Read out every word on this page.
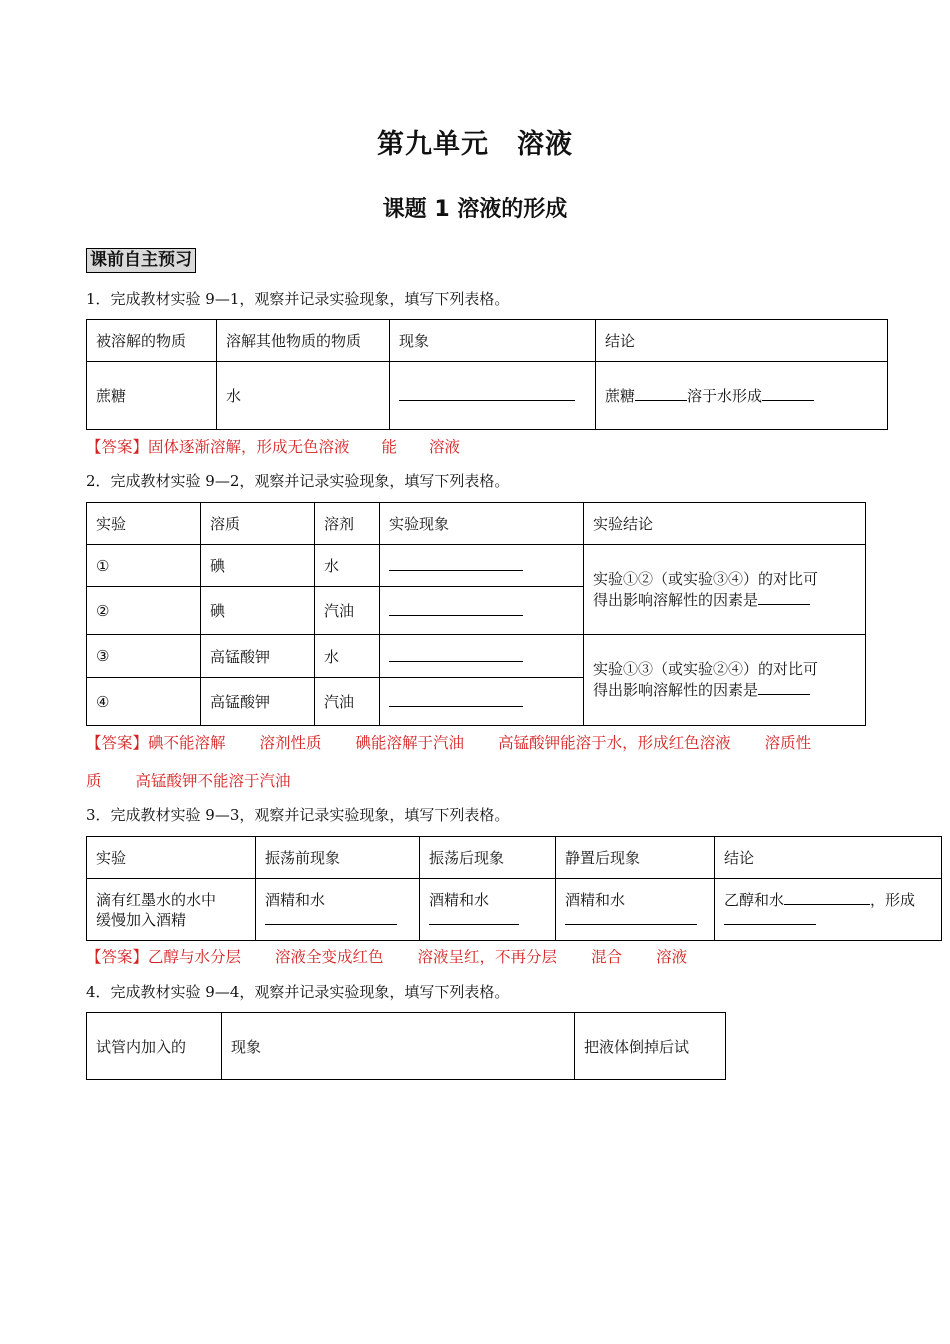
第九单元　溶液
课题 1 溶液的形成
课前自主预习
1．完成教材实验 9—1，观察并记录实验现象，填写下列表格。
被溶解的物质	溶解其他物质的物质	现象	结论
蔗糖	水		蔗糖 溶于水形成
【答案】固体逐渐溶解，形成无色溶液 能 溶液
2．完成教材实验 9—2，观察并记录实验现象，填写下列表格。
实验	溶质	溶剂	实验现象	实验结论
①	碘	水		实验①②（或实验③④）的对比可
得出影响溶解性的因素是
②	碘	汽油		
③	高锰酸钾	水		实验①③（或实验②④）的对比可
得出影响溶解性的因素是
④	高锰酸钾	汽油		
【答案】碘不能溶解 溶剂性质 碘能溶解于汽油 高锰酸钾能溶于水，形成红色溶液 溶质性
质 高锰酸钾不能溶于汽油
3．完成教材实验 9—3，观察并记录实验现象，填写下列表格。
实验	振荡前现象	振荡后现象	静置后现象	结论
滴有红墨水的水中
缓慢加入酒精	酒精和水	酒精和水	酒精和水	乙醇和水 ，形成

【答案】乙醇与水分层 溶液全变成红色 溶液呈红，不再分层 混合 溶液
4．完成教材实验 9—4，观察并记录实验现象，填写下列表格。
试管内加入的	现象	把液体倒掉后试
